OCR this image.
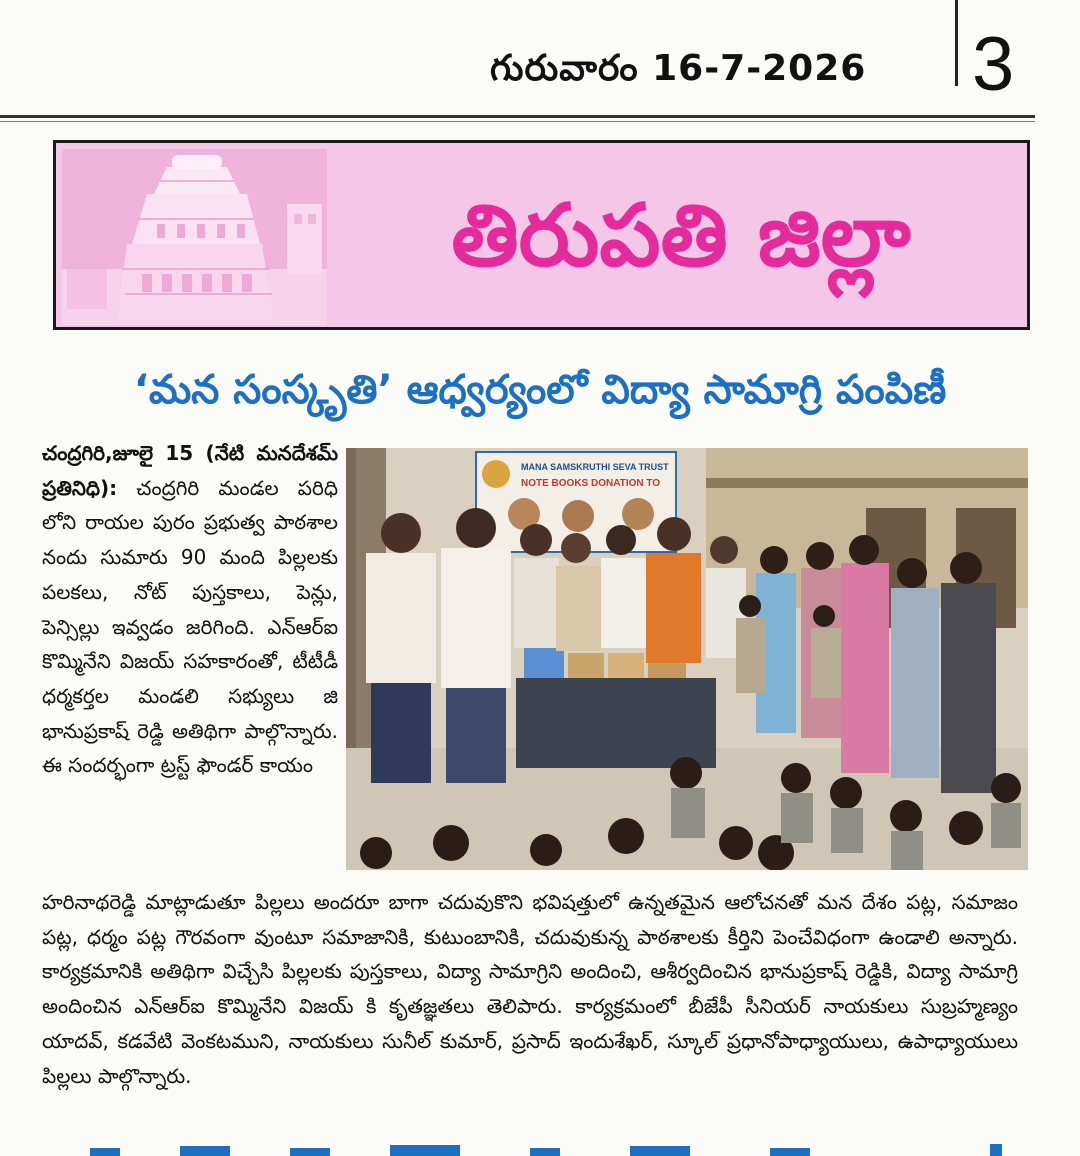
గురువారం 16-7-2026	3
తిరుపతి జిల్లా
‘మన సంస్కృతి’ ఆధ్వర్యంలో విద్యా సామాగ్రి పంపిణీ
చంద్రగిరి,జూలై 15 (నేటి మనదేశమ్ ప్రతినిధి): చంద్రగిరి మండల పరిధి లోని రాయల పురం ప్రభుత్వ పాఠశాల నందు సుమారు 90 మంది పిల్లలకు పలకలు, నోట్ పుస్తకాలు, పెన్లు, పెన్సిల్లు ఇవ్వడం జరిగింది. ఎన్ఆర్ఐ కొమ్మినేని విజయ్ సహకారంతో, టీటీడీ ధర్మకర్తల మండలి సభ్యులు జి భానుప్రకాష్ రెడ్డి అతిథిగా పాల్గొన్నారు. ఈ సందర్భంగా ట్రస్ట్ ఫౌండర్ కాయం
MANA SAMSKRUTHI SEVA TRUST
NOTE BOOKS DONATION TO
హరినాథరెడ్డి మాట్లాడుతూ పిల్లలు అందరూ బాగా చదువుకొని భవిషత్తులో ఉన్నతమైన ఆలోచనతో మన దేశం పట్ల, సమాజం పట్ల, ధర్మం పట్ల గౌరవంగా వుంటూ సమాజానికి, కుటుంబానికి, చదువుకున్న పాఠశాలకు కీర్తిని పెంచేవిధంగా ఉండాలి అన్నారు. కార్యక్రమానికి అతిథిగా విచ్చేసి పిల్లలకు పుస్తకాలు, విద్యా సామాగ్రిని అందించి, ఆశీర్వదించిన భానుప్రకాష్ రెడ్డికి, విద్యా సామాగ్రి అందించిన ఎన్ఆర్ఐ కొమ్మినేని విజయ్ కి కృతజ్ఞతలు తెలిపారు. కార్యక్రమంలో బీజేపీ సీనియర్ నాయకులు సుబ్రహ్మణ్యం యాదవ్, కడవేటి వెంకటముని, నాయకులు సునీల్ కుమార్, ప్రసాద్ ఇందుశేఖర్, స్కూల్ ప్రధానోపాధ్యాయులు, ఉపాధ్యాయులు పిల్లలు పాల్గొన్నారు.
